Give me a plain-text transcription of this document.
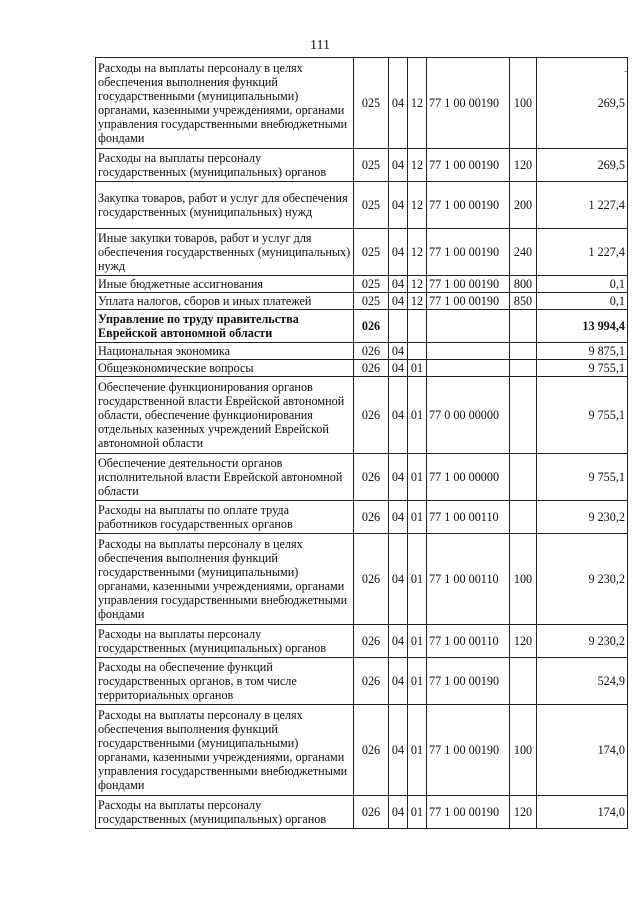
111
-
Расходы на выплаты персоналу в целях обеспечения выполнения функций государственными (муниципальными) органами, казенными учреждениями, органами управления государственными внебюджетными фондами	025	04	12	77 1 00 00190	100	269,5
Расходы на выплаты персоналу государственных (муниципальных) органов	025	04	12	77 1 00 00190	120	269,5
Закупка товаров, работ и услуг для обеспечения государственных (муниципальных) нужд	025	04	12	77 1 00 00190	200	1 227,4
Иные закупки товаров, работ и услуг для обеспечения государственных (муниципальных) нужд	025	04	12	77 1 00 00190	240	1 227,4
Иные бюджетные ассигнования	025	04	12	77 1 00 00190	800	0,1
Уплата налогов, сборов и иных платежей	025	04	12	77 1 00 00190	850	0,1
Управление по труду правительства Еврейской автономной области	026					13 994,4
Национальная экономика	026	04				9 875,1
Общеэкономические вопросы	026	04	01			9 755,1
Обеспечение функционирования органов государственной власти Еврейской автономной области, обеспечение функционирования отдельных казенных учреждений Еврейской автономной области	026	04	01	77 0 00 00000		9 755,1
Обеспечение деятельности органов исполнительной власти Еврейской автономной области	026	04	01	77 1 00 00000		9 755,1
Расходы на выплаты по оплате труда работников государственных органов	026	04	01	77 1 00 00110		9 230,2
Расходы на выплаты персоналу в целях обеспечения выполнения функций государственными (муниципальными) органами, казенными учреждениями, органами управления государственными внебюджетными фондами	026	04	01	77 1 00 00110	100	9 230,2
Расходы на выплаты персоналу государственных (муниципальных) органов	026	04	01	77 1 00 00110	120	9 230,2
Расходы на обеспечение функций государственных органов, в том числе территориальных органов	026	04	01	77 1 00 00190		524,9
Расходы на выплаты персоналу в целях обеспечения выполнения функций государственными (муниципальными) органами, казенными учреждениями, органами управления государственными внебюджетными фондами	026	04	01	77 1 00 00190	100	174,0
Расходы на выплаты персоналу государственных (муниципальных) органов	026	04	01	77 1 00 00190	120	174,0
